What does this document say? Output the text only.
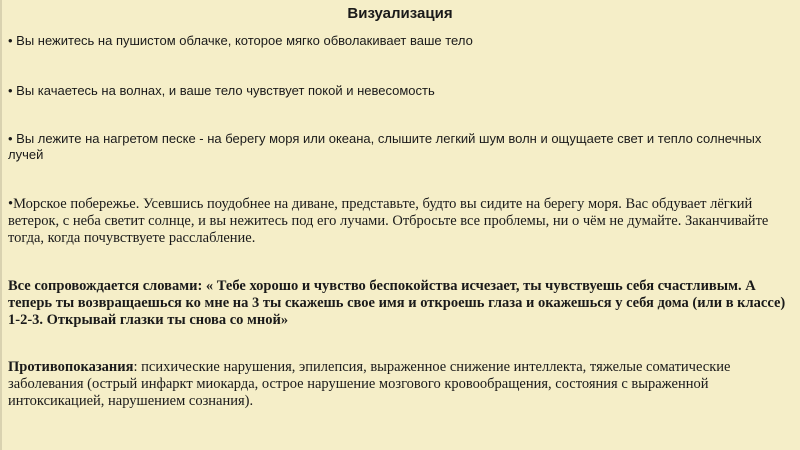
Визуализация
• Вы нежитесь на пушистом облачке, которое мягко обволакивает ваше тело
• Вы качаетесь на волнах, и ваше тело чувствует покой и невесомость
• Вы лежите на нагретом песке - на берегу моря или океана, слышите легкий шум волн и ощущаете свет и тепло солнечных лучей
•Морское побережье. Усевшись поудобнее на диване, представьте, будто вы сидите на берегу моря. Вас обдувает лёгкий ветерок, с неба светит солнце, и вы нежитесь под его лучами. Отбросьте все проблемы, ни о чём не думайте. Заканчивайте тогда, когда почувствуете расслабление.
Все сопровождается словами: « Тебе хорошо и чувство беспокойства исчезает, ты чувствуешь себя счастливым. А теперь ты возвращаешься ко мне на 3 ты скажешь свое имя и откроешь глаза и окажешься у себя дома (или в классе) 1-2-3. Открывай глазки ты снова со мной»
Противопоказания: психические нарушения, эпилепсия, выраженное снижение интеллекта, тяжелые соматические заболевания (острый инфаркт миокарда, острое нарушение мозгового кровообращения, состояния с выраженной интоксикацией, нарушением сознания).
